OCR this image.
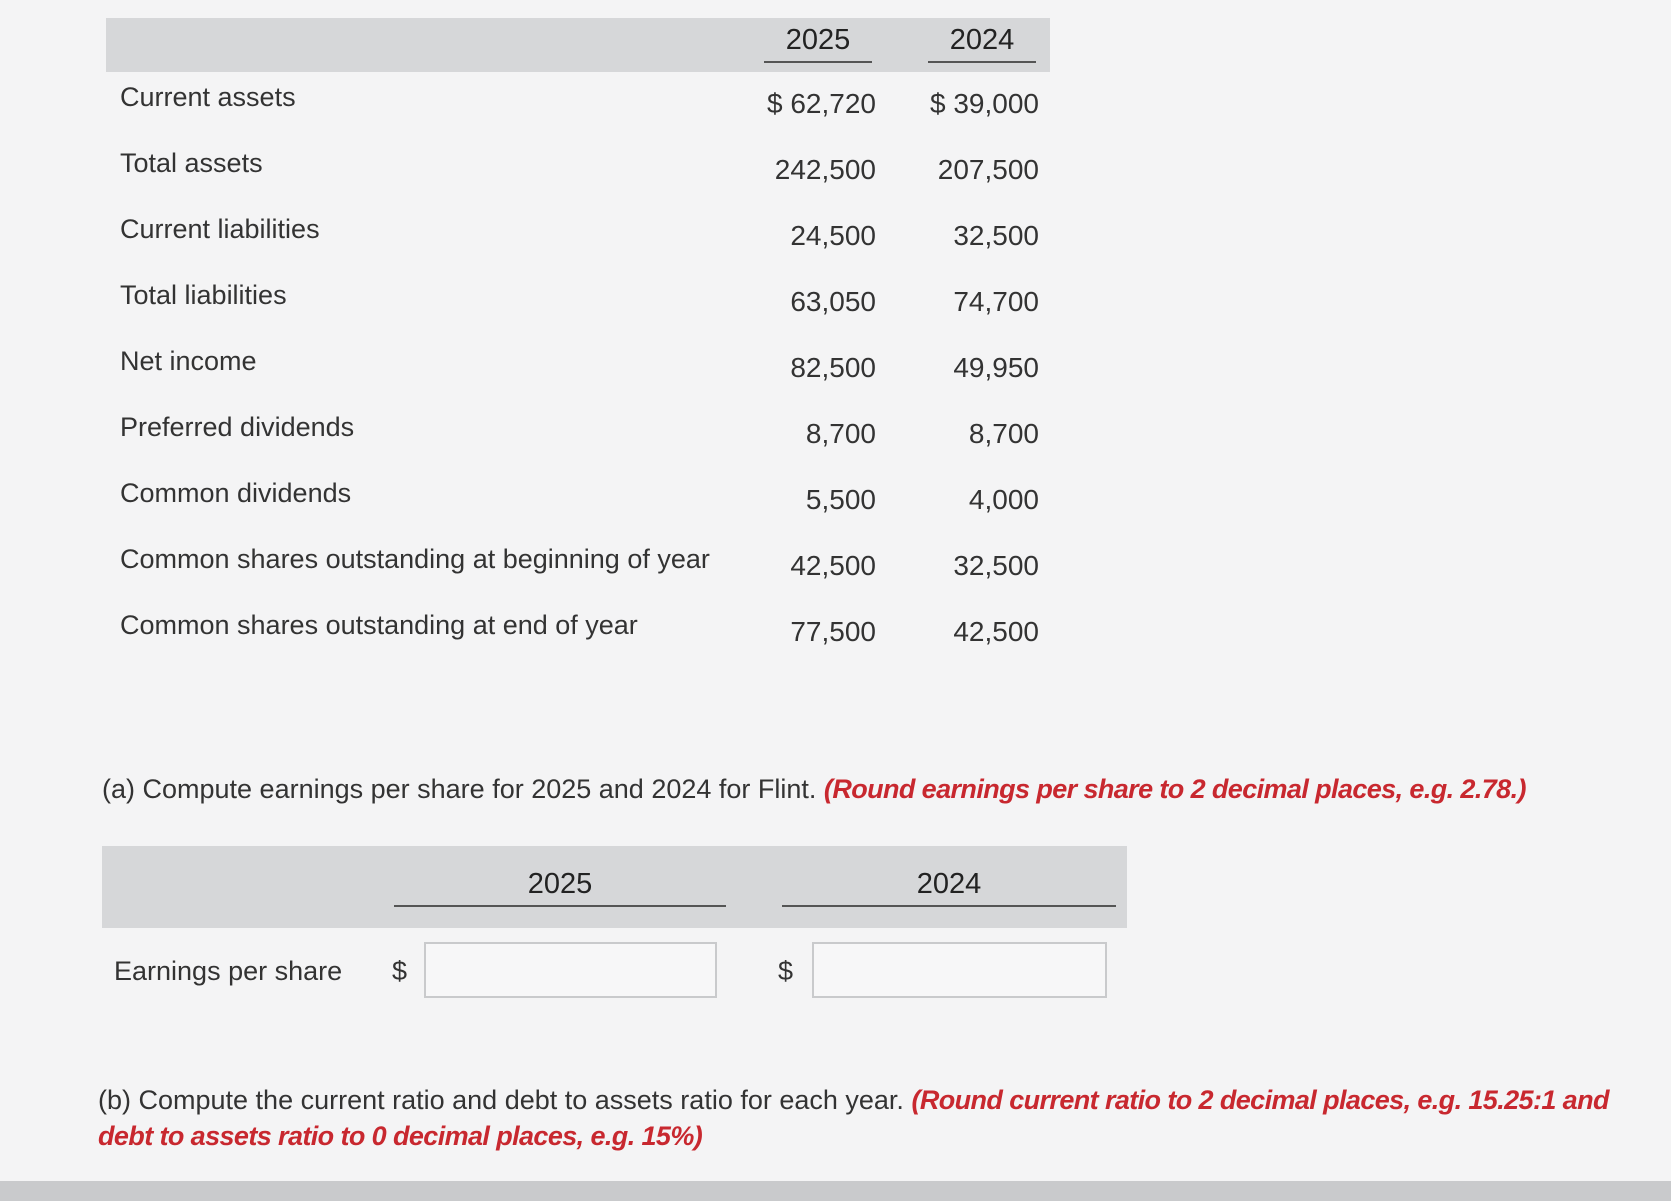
2025	2024
Current assets	$ 62,720	$ 39,000
Total assets	242,500	207,500
Current liabilities	24,500	32,500
Total liabilities	63,050	74,700
Net income	82,500	49,950
Preferred dividends	8,700	8,700
Common dividends	5,500	4,000
Common shares outstanding at beginning of year	42,500	32,500
Common shares outstanding at end of year	77,500	42,500
(a) Compute earnings per share for 2025 and 2024 for Flint. (Round earnings per share to 2 decimal places, e.g. 2.78.)
2025	2024
Earnings per share $	$
(b) Compute the current ratio and debt to assets ratio for each year. (Round current ratio to 2 decimal places, e.g. 15.25:1 and debt to assets ratio to 0 decimal places, e.g. 15%)
